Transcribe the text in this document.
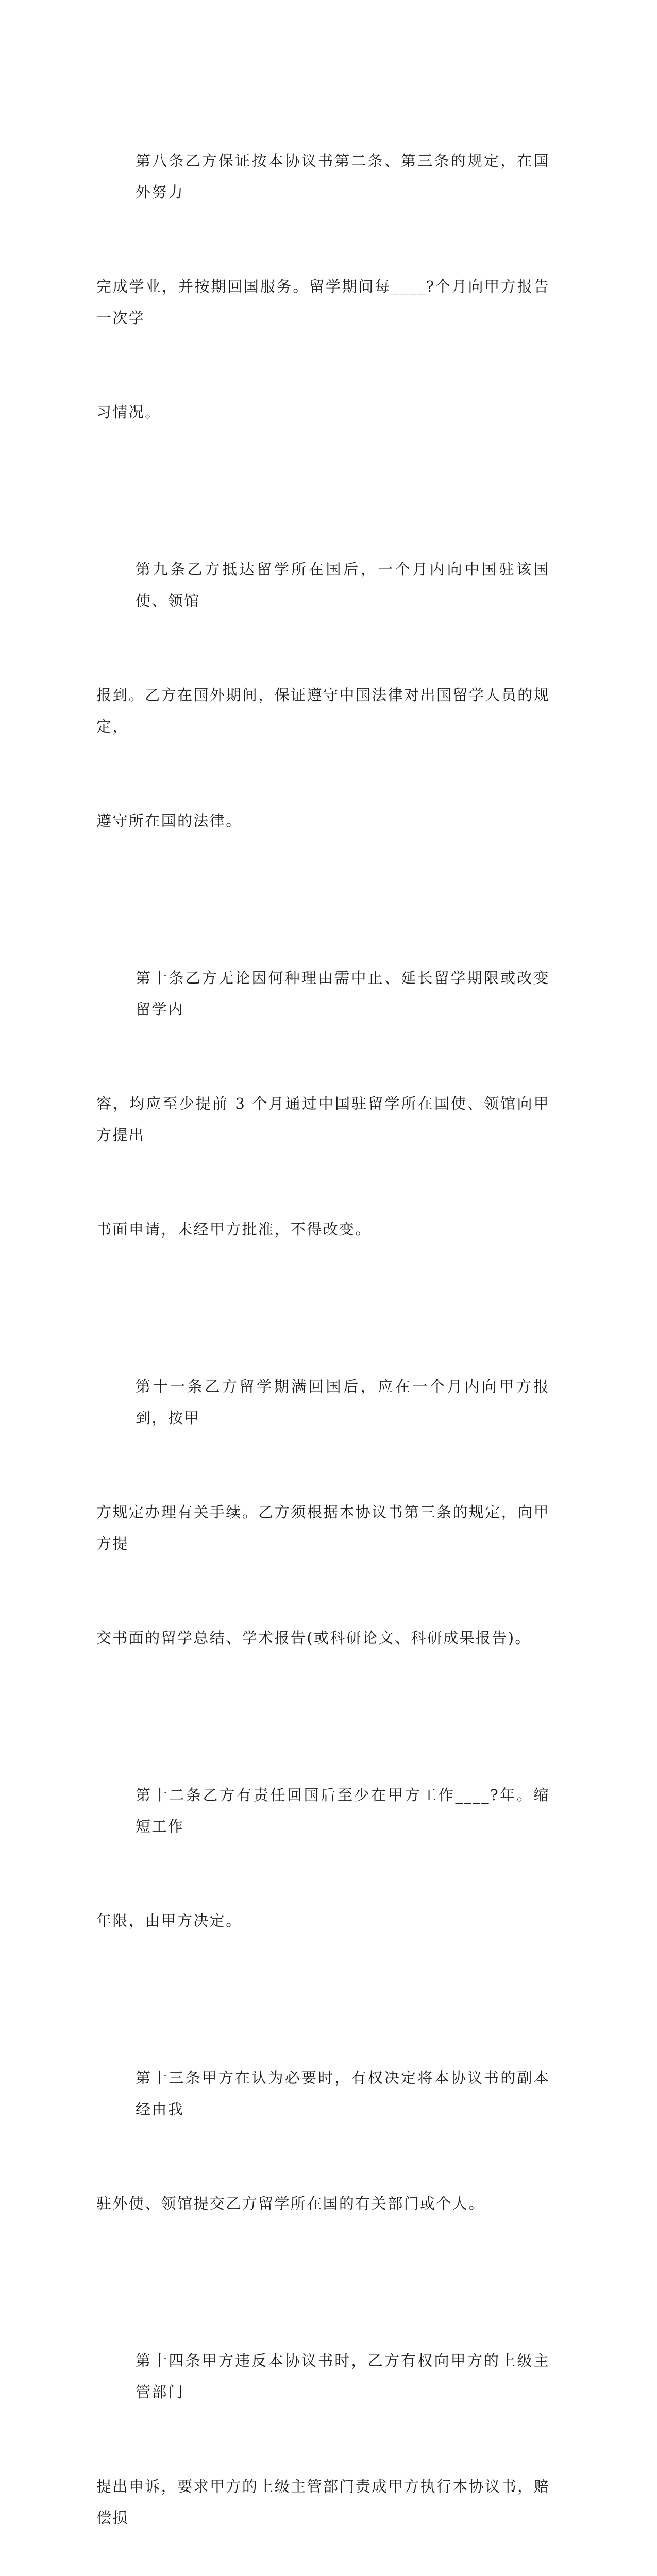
第八条乙方保证按本协议书第二条、第三条的规定，在国外努力

完成学业，并按期回国服务。留学期间每____?个月向甲方报告一次学

习情况。

第九条乙方抵达留学所在国后，一个月内向中国驻该国使、领馆

报到。乙方在国外期间，保证遵守中国法律对出国留学人员的规定，

遵守所在国的法律。

第十条乙方无论因何种理由需中止、延长留学期限或改变留学内

容，均应至少提前 3 个月通过中国驻留学所在国使、领馆向甲方提出

书面申请，未经甲方批准，不得改变。

第十一条乙方留学期满回国后，应在一个月内向甲方报到，按甲

方规定办理有关手续。乙方须根据本协议书第三条的规定，向甲方提

交书面的留学总结、学术报告(或科研论文、科研成果报告)。

第十二条乙方有责任回国后至少在甲方工作____?年。缩短工作

年限，由甲方决定。

第十三条甲方在认为必要时，有权决定将本协议书的副本经由我

驻外使、领馆提交乙方留学所在国的有关部门或个人。

第十四条甲方违反本协议书时，乙方有权向甲方的上级主管部门

提出申诉，要求甲方的上级主管部门责成甲方执行本协议书，赔偿损
